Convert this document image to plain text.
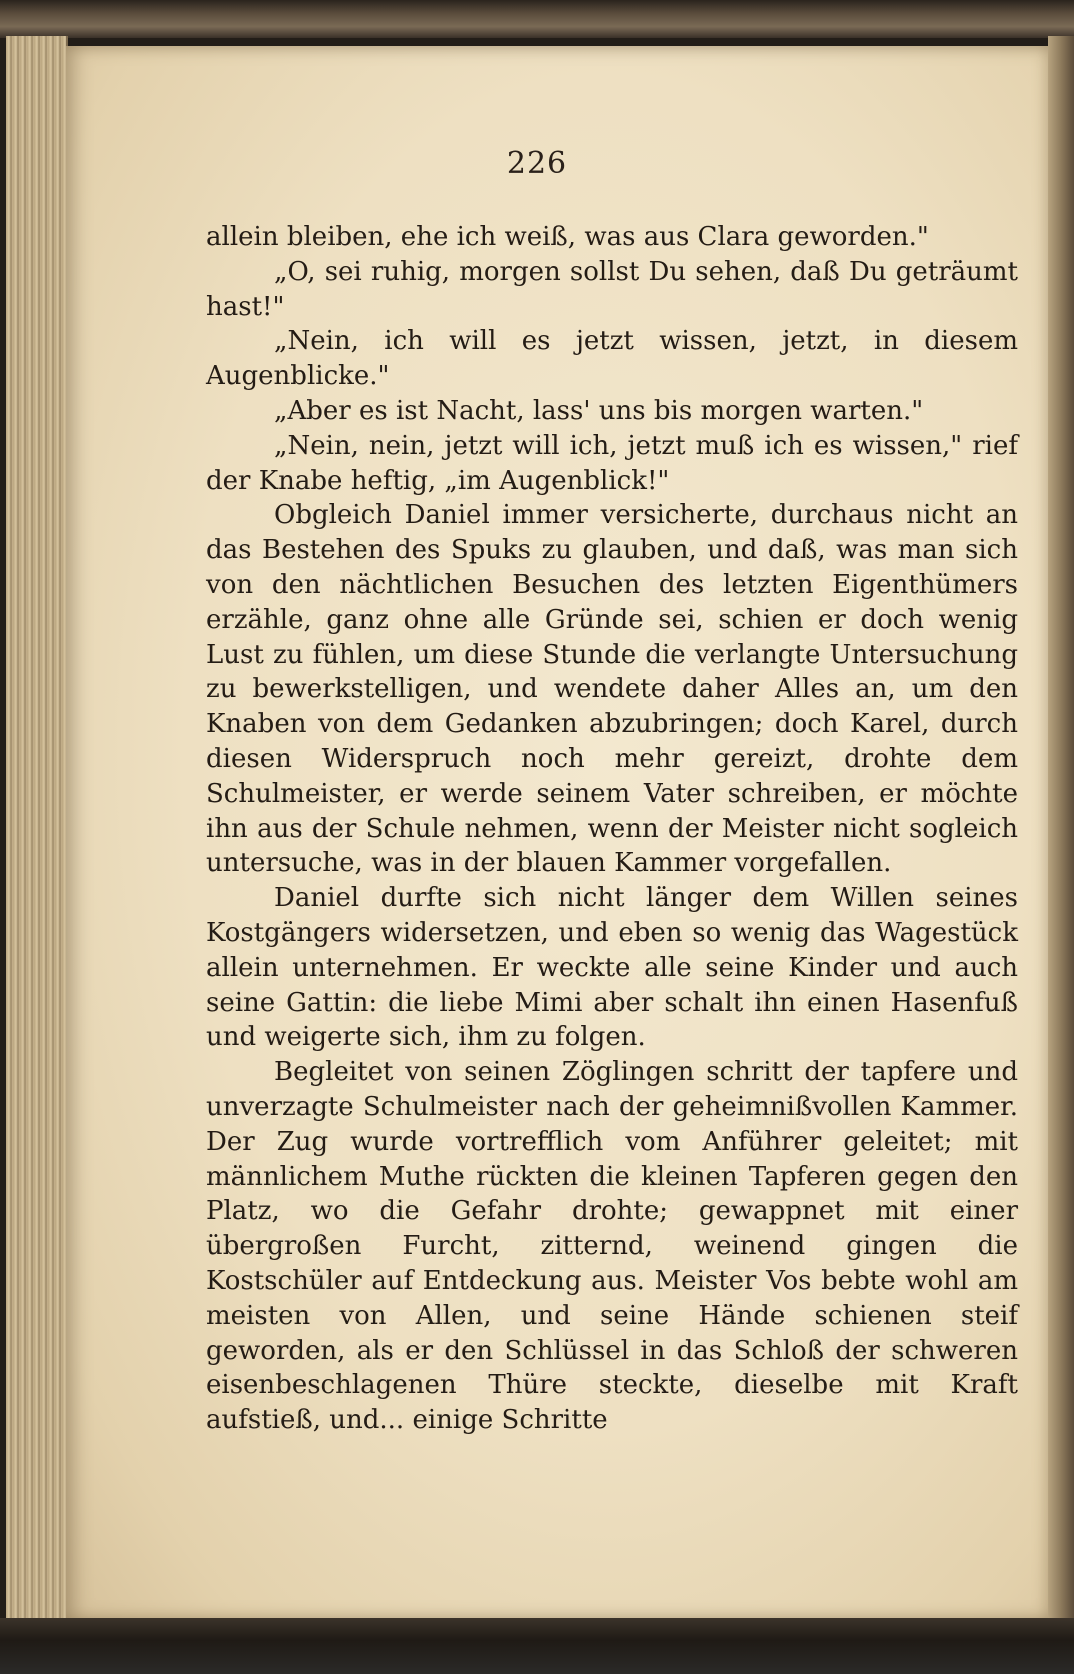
226

allein bleiben, ehe ich weiß, was aus Clara geworden."

„O, sei ruhig, morgen sollst Du sehen, daß Du geträumt hast!"

„Nein, ich will es jetzt wissen, jetzt, in diesem Augenblicke."

„Aber es ist Nacht, lass' uns bis morgen warten."

„Nein, nein, jetzt will ich, jetzt muß ich es wissen," rief der Knabe heftig, „im Augenblick!"

Obgleich Daniel immer versicherte, durchaus nicht an das Bestehen des Spuks zu glauben, und daß, was man sich von den nächtlichen Besuchen des letzten Eigenthümers erzähle, ganz ohne alle Gründe sei, schien er doch wenig Lust zu fühlen, um diese Stunde die verlangte Untersuchung zu bewerkstelligen, und wendete daher Alles an, um den Knaben von dem Gedanken abzubringen; doch Karel, durch diesen Widerspruch noch mehr gereizt, drohte dem Schulmeister, er werde seinem Vater schreiben, er möchte ihn aus der Schule nehmen, wenn der Meister nicht sogleich untersuche, was in der blauen Kammer vorgefallen.

Daniel durfte sich nicht länger dem Willen seines Kostgängers widersetzen, und eben so wenig das Wagestück allein unternehmen. Er weckte alle seine Kinder und auch seine Gattin: die liebe Mimi aber schalt ihn einen Hasenfuß und weigerte sich, ihm zu folgen.

Begleitet von seinen Zöglingen schritt der tapfere und unverzagte Schulmeister nach der geheimnißvollen Kammer. Der Zug wurde vortrefflich vom Anführer geleitet; mit männlichem Muthe rückten die kleinen Tapferen gegen den Platz, wo die Gefahr drohte; gewappnet mit einer übergroßen Furcht, zitternd, weinend gingen die Kostschüler auf Entdeckung aus. Meister Vos bebte wohl am meisten von Allen, und seine Hände schienen steif geworden, als er den Schlüssel in das Schloß der schweren eisenbeschlagenen Thüre steckte, dieselbe mit Kraft aufstieß, und... einige Schritte
